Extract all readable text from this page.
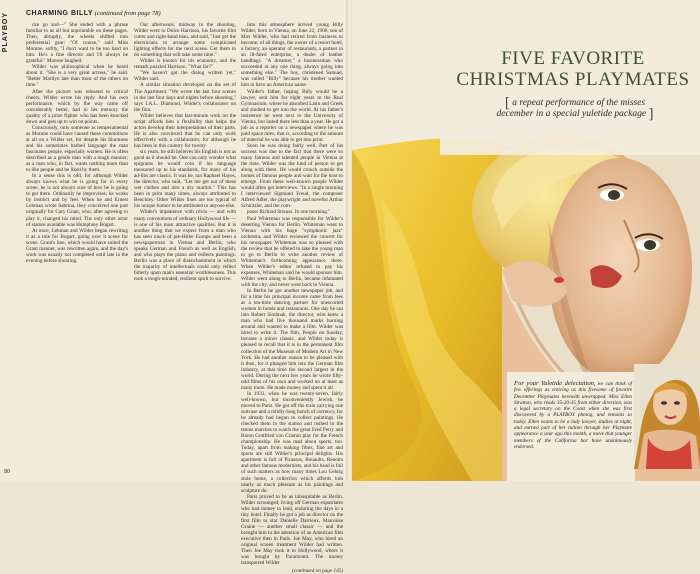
PLAYBOY	CHARMING BILLY (continued from page 78)

can go and—" She ended with a phrase familiar to us all but unprintable on these pages. Then, abruptly, the wheels shifted into preferential gear: "Of course," said Miss Monroe, softly, "I don't want to be too hard on him. He's a fine director and I'll always be grateful." Monroe laughed.

Wilder was philosophical when he heard about it. "She is a very great actress," he said. "Better Marilyn late than most of the others on time."

After the picture was released to critical cheers, Wilder wrote his reply. And his own performance, which by the way came off considerably better, had in his memory the quality of a prize fighter who has been knocked down and gets up to win on points.

Consciously, only someone as temperamental as Monroe could have caused these commotions at all on a Wilder set, for despite his bluntness and his sometimes barbed language the man fascinates people, especially women. He is often described as a gentle man with a tough manner; as a man who, in fact, wants nothing more than to like people and be liked by them.

In a sense this is odd, for although Wilder always knows what he is going for in every scene, he is not always sure of how he is going to get there. Ordinarily he improvises; he works by instinct and by feel. When he and Ernest Lehman wrote Sabrina, they conceived one part originally for Cary Grant, who, after agreeing to play it, changed his mind. The only other actor of stature available was Humphrey Bogart.

At once, Lehman and Wilder began rewriting it as a role for Bogart, going over it scene for scene. Grant's line, which would have suited the Grant manner, was rewritten again, and the day's work was usually not completed until late in the evening before shooting.

Our afternoons, midway in the shooting, Wilder went to Dolce Harrison, his favorite film cutter and right-hand man, and said, "Just get the electricians to arrange some complicated lighting effects for the next scene. Get them to do something that will take some time."

Wilder is known for his economy, and the remark puzzled Harrison. "What for?"

"We haven't got the dialog written yet," Wilder said.

A similar situation developed on the set of The Apartment. "We wrote the last four scenes in the last four days and nights before shooting," says I.A.L. Diamond, Wilder's collaborator on the film.

Wilder believes that last-minute work on the script affords him a flexibility that helps the actors develop their interpretations of their parts. He is also convinced that he can only work effectively with a collaborator, for although he has been in this country for twenty

six years, he still believes his English is not as good as it should be. One can only wonder what epigrams he would coin if his language measured up to his standards, for many of his ad-libs are classic. It was he, not Raphael Hayes, the director, who said, "Let me get out of these wet clothes and into a dry martini." This has been in print many times, always attributed to Benchley. Other Wilder lines are too typical of his unique humor to be attributed to anyone else.

Wilder's impatience with trivia — and with many conventions of ordinary Hollywood life — is one of his most attractive qualities. But it is another thing that we expect from a man who has seen much of pre-Hitler Europe and been a newspaperman in Vienna and Berlin, who speaks German and French as well as English, and who plays the piano and collects paintings. Berlin was a place of disenchantment in which the majority of intellectuals could only reflect bitterly upon man's essential worthlessness. This took a tough-minded, resilient spirit to survive.

Into this atmosphere arrived young Billy Wilder, born in Vienna, on June 22, 1906, son of Max Wilder, who had retired from business to become, of all things, the owner of a resort hotel, a factory, an operator of restaurants, a partner in an ill-fated enterprise, a dealer of leather handbags. "A dreamer," a businessman who succeeded at any one thing, always going into something else." The boy, christened Samuel, was called "Billy" because his mother wanted him to have an American name.

Wilder's father, hoping Billy would be a lawyer, sent him for eight years to the Real Gymnasium, where he absorbed Latin and Greek and studied to get into the world. At his father's insistence he went next to the University of Vienna, but lasted there less than a year. He got a job as a reporter on a newspaper where he was paid space rates, that is, according to the amount of material he was able to get into print.

Soon he was doing fairly well. Part of his success was due to the fact that there were so many famous and talented people in Vienna at the time. Wilder was the kind of person to get along with them. He would crouch outside the homes of famous people and wait for the host to emerge. From these well-known people Wilder would often get interviews. "In a single morning I interviewed Sigmund Freud, the composer Alfred Adler, the playwright and novelist Arthur Schnitzler, and the com-

poser Richard Strauss. In one morning."

Paul Whiteman was responsible for Wilder's deserting Vienna for Berlin. Whiteman went to Vienna with his huge "symphonic jazz" orchestra, and Wilder reviewed the concert for his newspaper. Whiteman was so pleased with the review that he offered to take the young man to go to Berlin to write another review of Whiteman's forthcoming appearance there. When Wilder's editor refused to pay his expenses, Whiteman said he would sponsor him. Wilder went along to Berlin, became infatuated with the city, and never went back to Vienna.

In Berlin he got another newspaper job, and for a time his principal income came from fees as a tea-time dancing partner for unescorted women in hotels and restaurants. One day he ran into Robert Siodmak, the director, who knew a man who had five thousand marks burning around and wanted to make a film. Wilder was hired to write it. The film, People on Sunday, became a minor classic, and Wilder today is pleased to recall that it is in the permanent film collection of the Museum of Modern Art in New York. He had another reason to be pleased with it then, for it plunged him into the German film industry, at that time the second largest in the world. During the next few years he wrote fifty-odd films of his own and worked on at least as many more. He made money and spent it all.

In 1933, when he was twenty-seven, fairly well-known, but inconveniently Jewish, he moved to Paris. He got off the train carrying one suitcase and a mildly-long bunch of currency, for he already had begun to collect paintings. He checked them in the station and rushed to the tennis matches to watch the great Fred Perry and Baron Gottfried von Cramm play for the French championship. He was mad about sports, too. Today, apart from making films, fine art and sports are still Wilder's principal delights. His apartment is full of Picassos, Rouaults, Renoirs and other famous modernists, and his head is full of such matters as how many times Lou Gehrig stole home, a collection which affords him nearly as much pleasure as his paintings and sculpture do.

Paris proved to be as inhospitable as Berlin. Wilder scrounged, living off German expatriates who had money to lend, enduring the days in a tiny hotel. Finally he got a job as director on the first film to star Danielle Darrieux, Mauvaise Graine — another small classic — and the brought him to the attention of an American film executive then in Paris. Joe May, who hired an original screen treatment Wilder had written. Then Joe May took it to Hollywood, where it was bought by Paramount. The money transported Wilder

(continued on page 145)
90
FIVE FAVORITE
CHRISTMAS PLAYMATES
[ a repeat performance of the misses
december in a special yuletide package ]
For your Yuletide delectation, we can think of few offerings as enticing as this fivesome of favorite December Playmates herewith unwrapped. Miss Ellen Stratton, who reads 35-20-35 from either direction, was a legal secretary on the Coast when she was first discovered by a PLAYBOY photog, and remains so today. Ellen wants to be a lady lawyer, studies at night, and earned part of her tuition through her Playmate appearance a year ago this month, a move that younger members of the California bar have unanimously endorsed.
